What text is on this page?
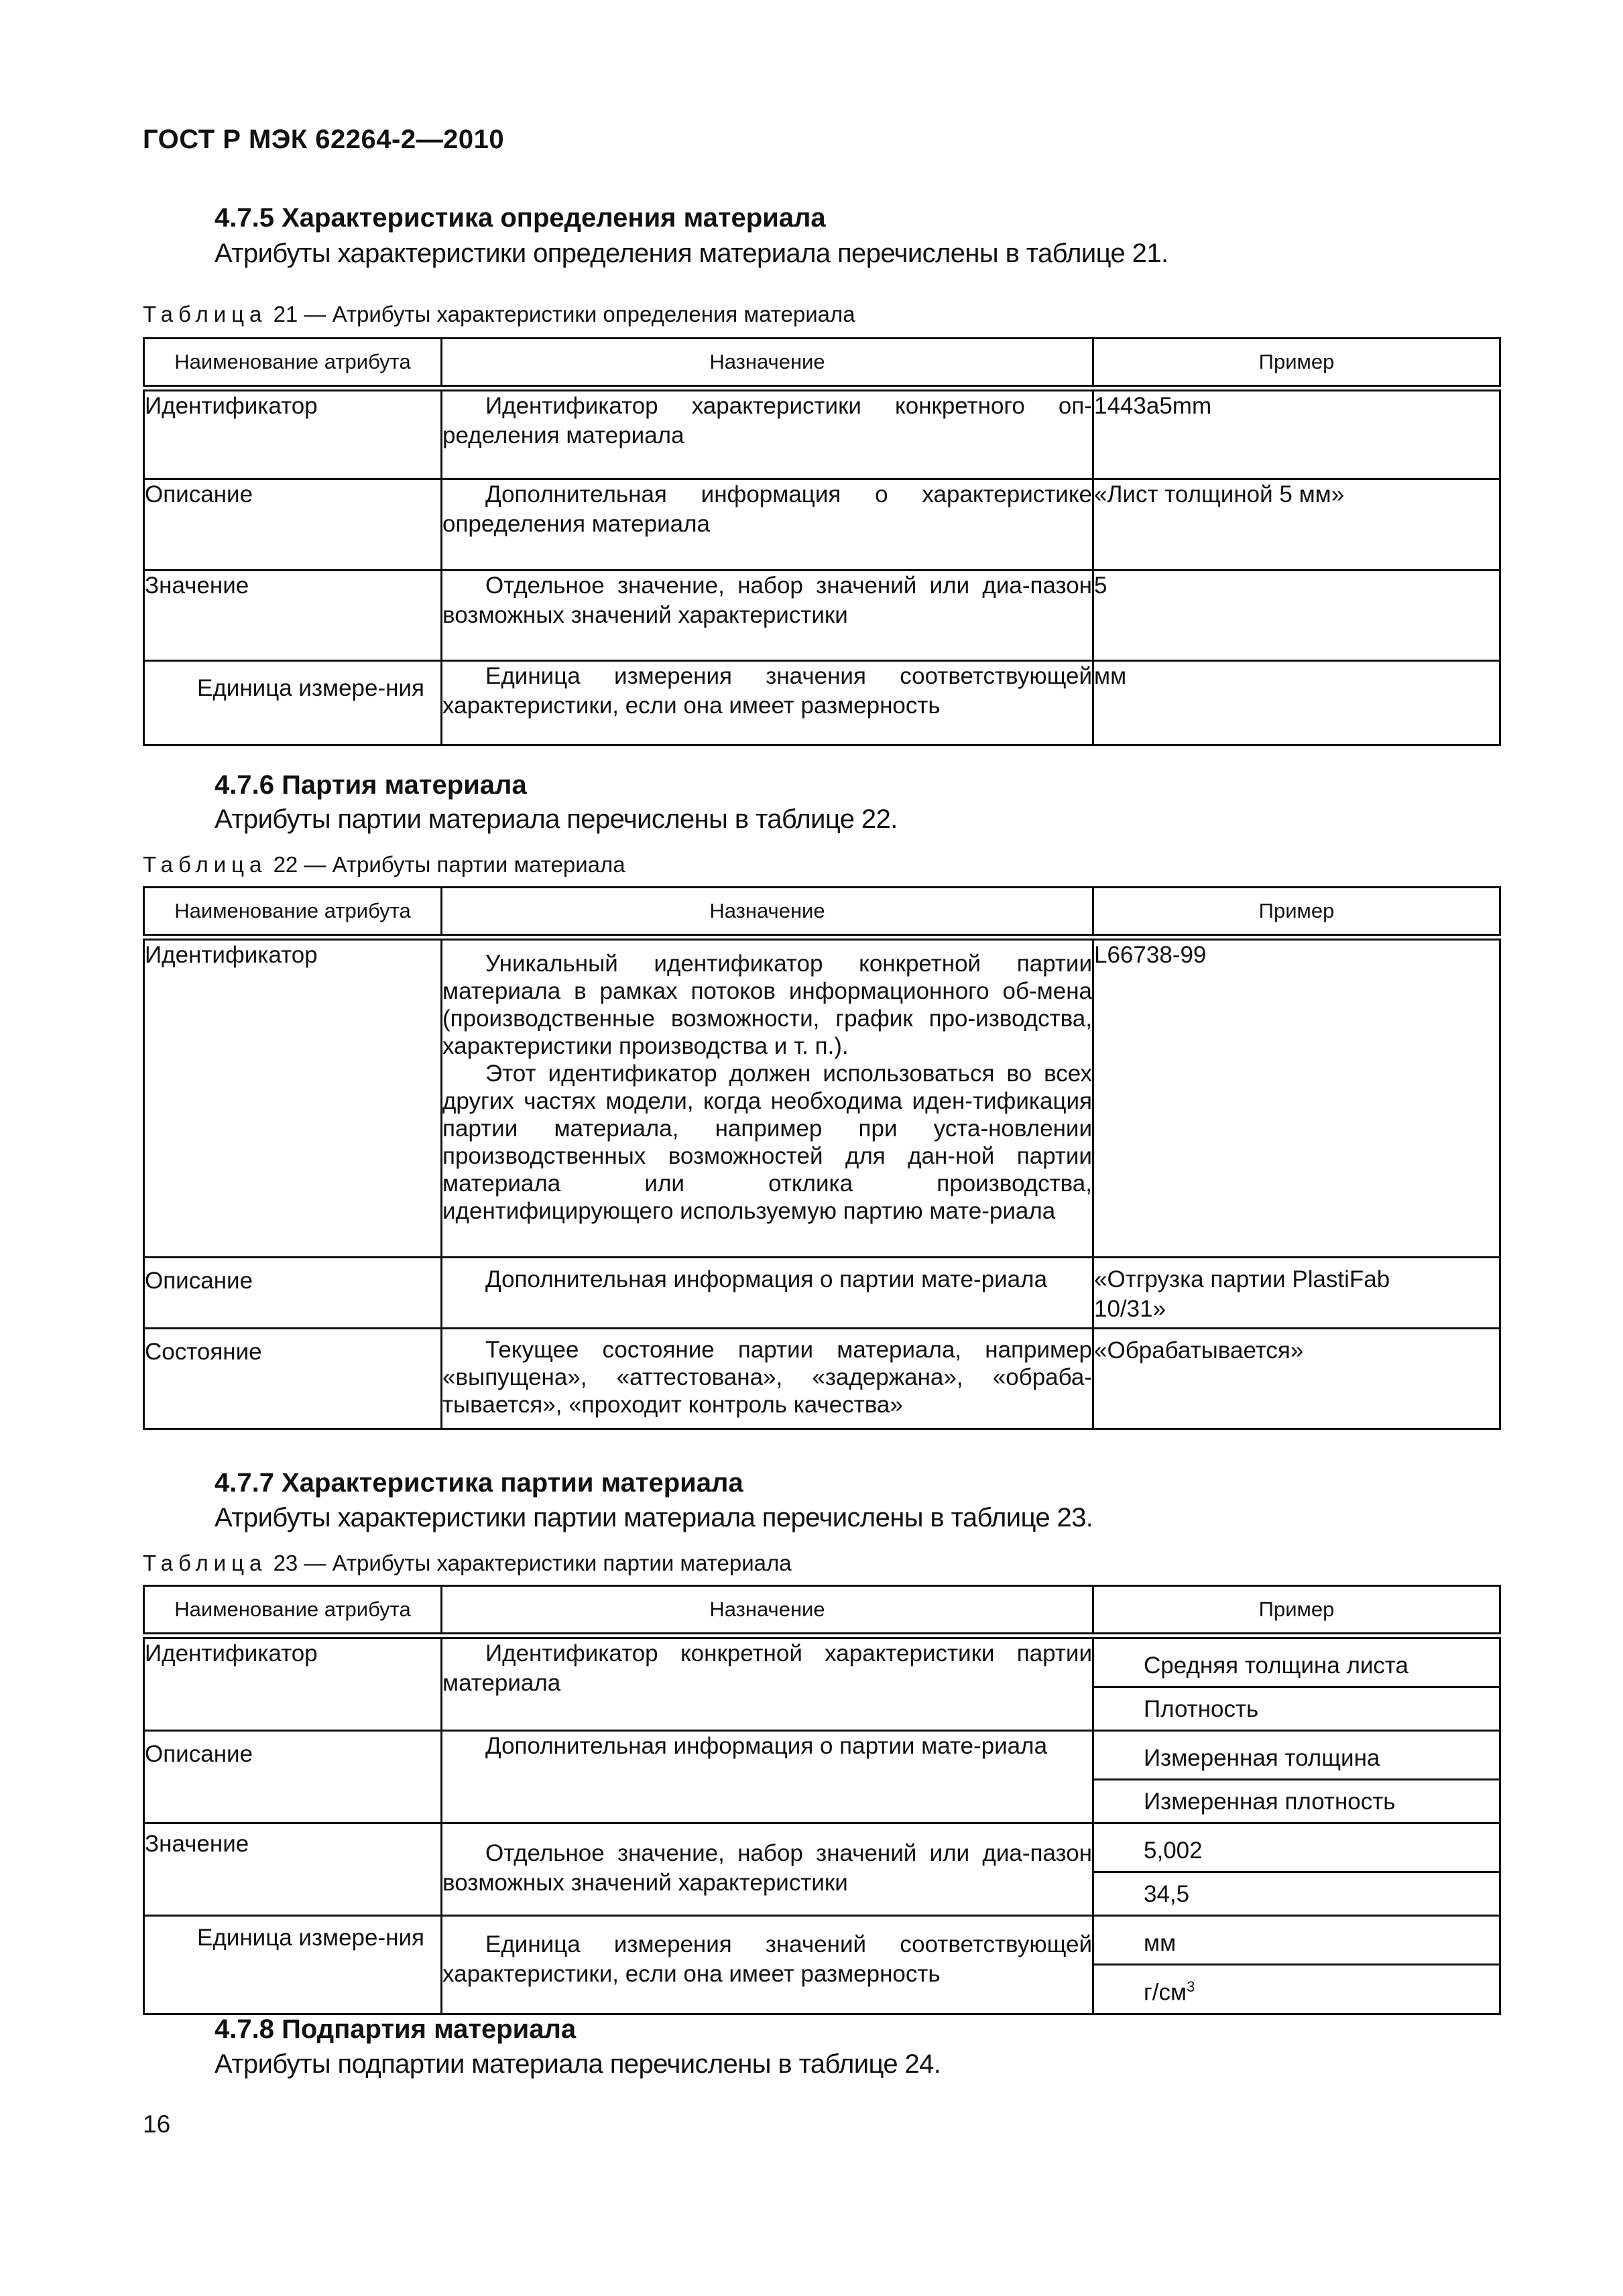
ГОСТ Р МЭК 62264-2—2010
4.7.5 Характеристика определения материала
Атрибуты характеристики определения материала перечислены в таблице 21.
Таблица 21 — Атрибуты характеристики определения материала
Наименование атрибута	Назначение	Пример
Идентификатор	Идентификатор характеристики конкретного оп-ределения материала	1443a5mm
Описание	Дополнительная информация о характеристике определения материала	«Лист толщиной 5 мм»
Значение	Отдельное значение, набор значений или диа-пазон возможных значений характеристики	5
Единица измере-ния	Единица измерения значения соответствующей характеристики, если она имеет размерность	мм
4.7.6 Партия материала
Атрибуты партии материала перечислены в таблице 22.
Таблица 22 — Атрибуты партии материала
Наименование атрибута	Назначение	Пример
Идентификатор	Уникальный идентификатор конкретной партии материала в рамках потоков информационного об-мена (производственные возможности, график про-изводства, характеристики производства и т. п.).

Этот идентификатор должен использоваться во всех других частях модели, когда необходима иден-тификация партии материала, например при уста-новлении производственных возможностей для дан-ной партии материала или отклика производства, идентифицирующего используемую партию мате-риала	L66738-99
Описание	Дополнительная информация о партии мате-риала	«Отгрузка партии PlastiFab 10/31»
Состояние	Текущее состояние партии материала, например «выпущена», «аттестована», «задержана», «обраба-тывается», «проходит контроль качества»	«Обрабатывается»
4.7.7 Характеристика партии материала
Атрибуты характеристики партии материала перечислены в таблице 23.
Таблица 23 — Атрибуты характеристики партии материала
Наименование атрибута	Назначение	Пример
Идентификатор	Идентификатор конкретной характеристики партии материала	Средняя толщина листа
Плотность

Описание	Дополнительная информация о партии мате-риала	Измеренная толщина
Измеренная плотность

Значение	Отдельное значение, набор значений или диа-пазон возможных значений характеристики	5,002
34,5

Единица измере-ния	Единица измерения значений соответствующей характеристики, если она имеет размерность	мм
$г/см^3$
4.7.8 Подпартия материала
Атрибуты подпартии материала перечислены в таблице 24.
16
